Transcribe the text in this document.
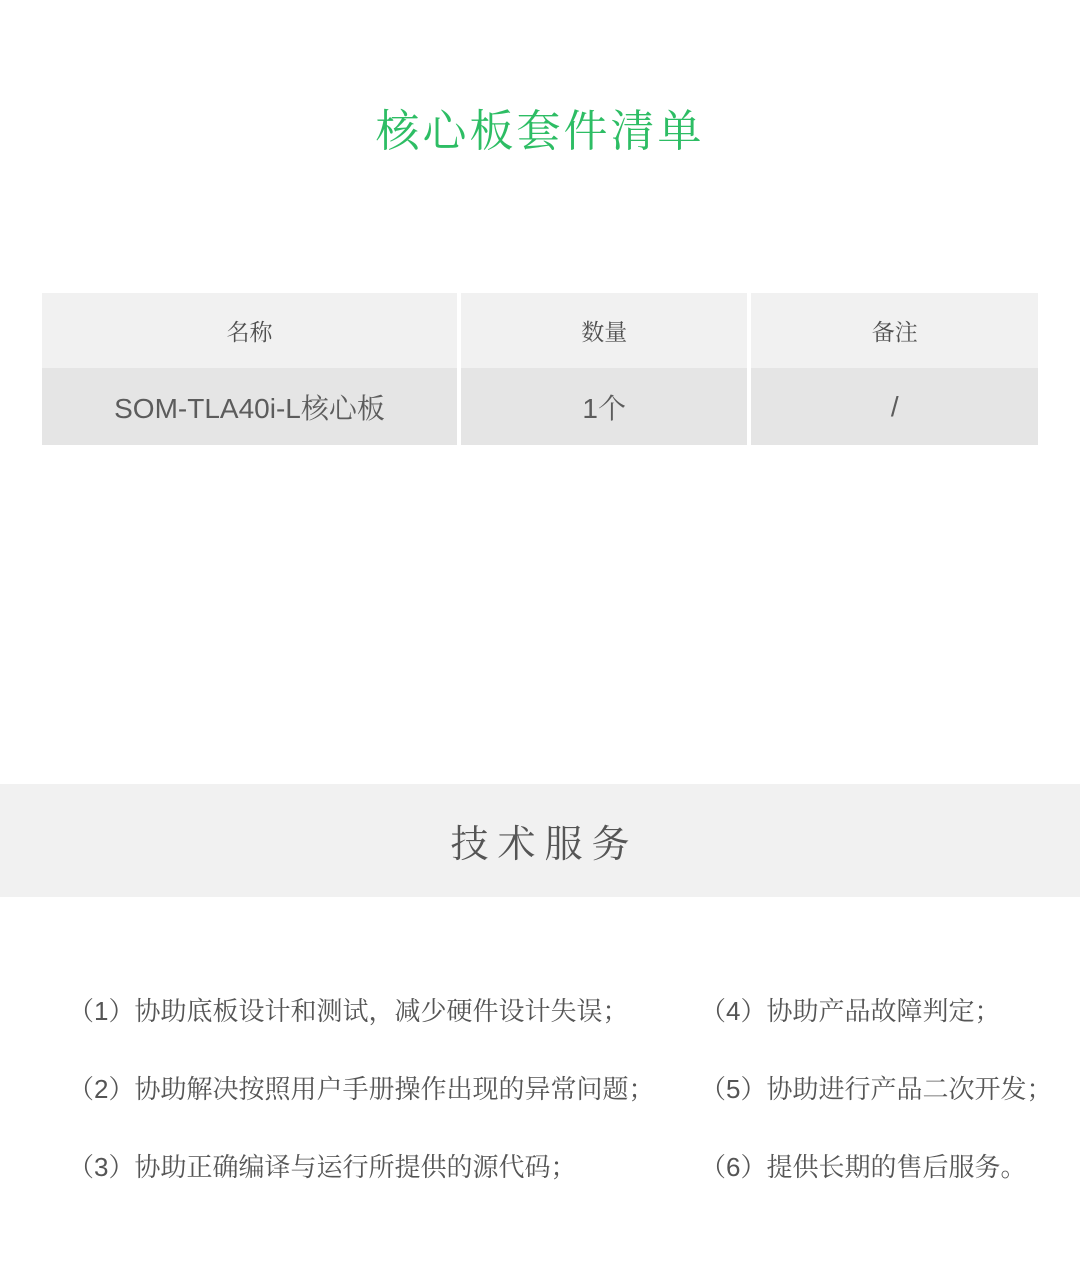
核心板套件清单
名称	数量	备注
SOM-TLA40i-L核心板	1个	/
技术服务
（1）协助底板设计和测试，减少硬件设计失误；	（4）协助产品故障判定；
（2）协助解决按照用户手册操作出现的异常问题；	（5）协助进行产品二次开发；
（3）协助正确编译与运行所提供的源代码；	（6）提供长期的售后服务。
